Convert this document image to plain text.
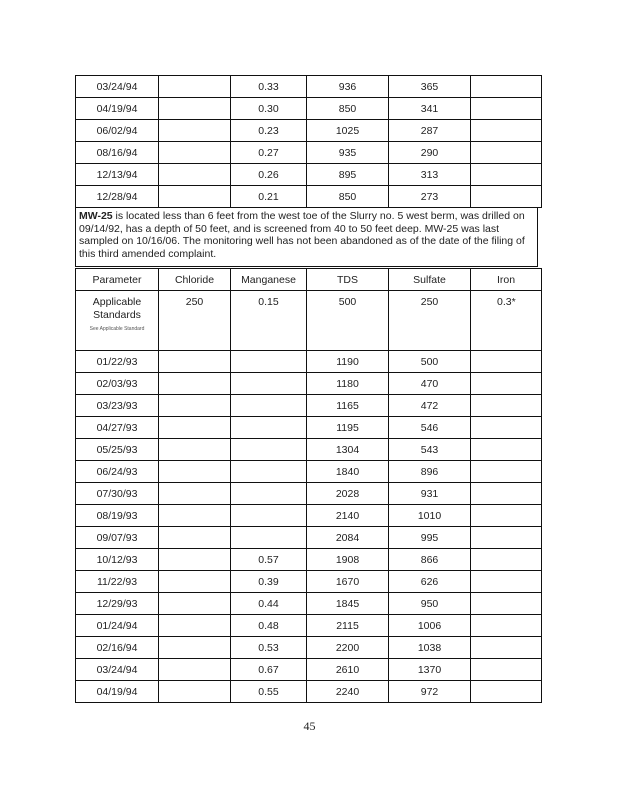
03/24/94		0.33	936	365	
04/19/94		0.30	850	341	
06/02/94		0.23	1025	287	
08/16/94		0.27	935	290	
12/13/94		0.26	895	313	
12/28/94		0.21	850	273	
MW-25 is located less than 6 feet from the west toe of the Slurry no. 5 west berm, was drilled on 09/14/92, has a depth of 50 feet, and is screened from 40 to 50 feet deep. MW-25 was last sampled on 10/16/06. The monitoring well has not been abandoned as of the date of the filing of this third amended complaint.
Parameter	Chloride	Manganese	TDS	Sulfate	Iron

Applicable Standards
See Applicable Standard	250	0.15	500	250	0.3*
01/22/93			1190	500	
02/03/93			1180	470	
03/23/93			1165	472	
04/27/93			1195	546	
05/25/93			1304	543	
06/24/93			1840	896	
07/30/93			2028	931	
08/19/93			2140	1010	
09/07/93			2084	995	
10/12/93		0.57	1908	866	
11/22/93		0.39	1670	626	
12/29/93		0.44	1845	950	
01/24/94		0.48	2115	1006	
02/16/94		0.53	2200	1038	
03/24/94		0.67	2610	1370	
04/19/94		0.55	2240	972	
45
